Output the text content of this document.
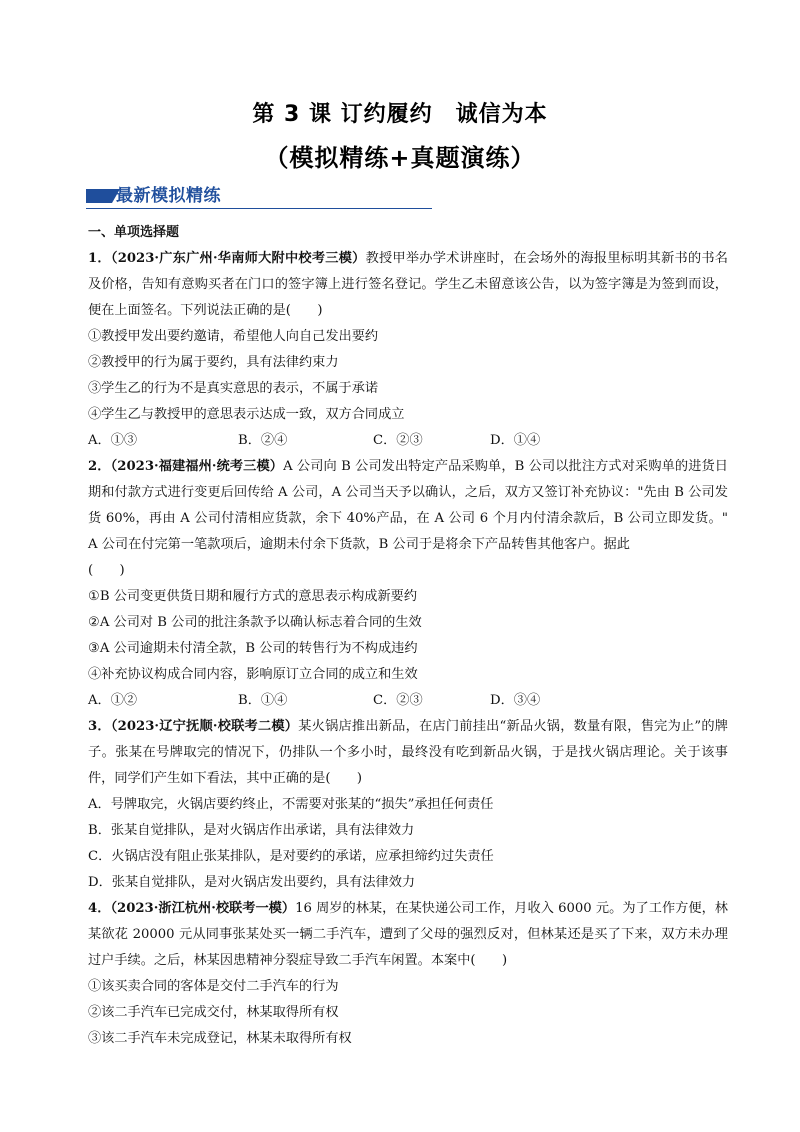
第 3 课 订约履约　诚信为本
（模拟精练+真题演练）
最新模拟精练
一、单项选择题

1．（2023·广东广州·华南师大附中校考三模）教授甲举办学术讲座时，在会场外的海报里标明其新书的书名及价格，告知有意购买者在门口的签字簿上进行签名登记。学生乙未留意该公告，以为签字簿是为签到而设，便在上面签名。下列说法正确的是(　　)

①教授甲发出要约邀请，希望他人向自己发出要约
②教授甲的行为属于要约，具有法律约束力
③学生乙的行为不是真实意思的表示，不属于承诺
④学生乙与教授甲的意思表示达成一致，双方合同成立
A．①③	B．②④	C．②③	D．①④

2．（2023·福建福州·统考三模）A 公司向 B 公司发出特定产品采购单，B 公司以批注方式对采购单的进货日期和付款方式进行变更后回传给 A 公司，A 公司当天予以确认，之后，双方又签订补充协议："先由 B 公司发货 60%，再由 A 公司付清相应货款，余下 40%产品，在 A 公司 6 个月内付清余款后，B 公司立即发货。" A 公司在付完第一笔款项后，逾期未付余下货款，B 公司于是将余下产品转售其他客户。据此

(　　)
①B 公司变更供货日期和履行方式的意思表示构成新要约
②A 公司对 B 公司的批注条款予以确认标志着合同的生效
③A 公司逾期未付清全款，B 公司的转售行为不构成违约
④补充协议构成合同内容，影响原订立合同的成立和生效
A．①②	B．①④	C．②③	D．③④

3．（2023·辽宁抚顺·校联考二模）某火锅店推出新品，在店门前挂出“新品火锅，数量有限，售完为止”的牌子。张某在号牌取完的情况下，仍排队一个多小时，最终没有吃到新品火锅，于是找火锅店理论。关于该事件，同学们产生如下看法，其中正确的是(　　)

A．号牌取完，火锅店要约终止，不需要对张某的“损失”承担任何责任
B．张某自觉排队，是对火锅店作出承诺，具有法律效力
C．火锅店没有阻止张某排队，是对要约的承诺，应承担缔约过失责任
D．张某自觉排队，是对火锅店发出要约，具有法律效力

4．（2023·浙江杭州·校联考一模）16 周岁的林某，在某快递公司工作，月收入 6000 元。为了工作方便，林某欲花 20000 元从同事张某处买一辆二手汽车，遭到了父母的强烈反对，但林某还是买了下来，双方未办理过户手续。之后，林某因患精神分裂症导致二手汽车闲置。本案中(　　)

①该买卖合同的客体是交付二手汽车的行为
②该二手汽车已完成交付，林某取得所有权
③该二手汽车未完成登记，林某未取得所有权
